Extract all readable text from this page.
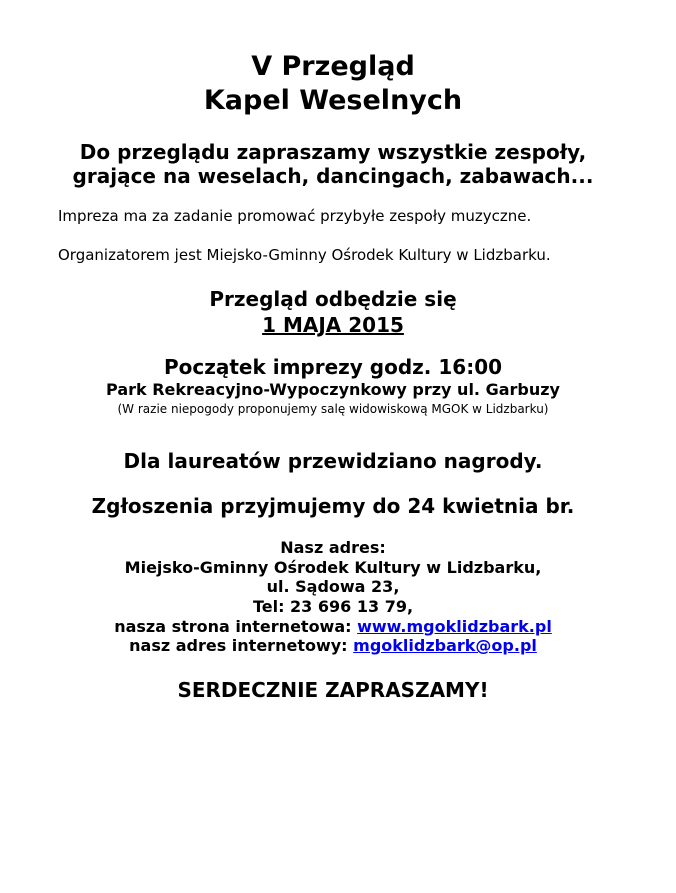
V Przegląd
Kapel Weselnych
Do przeglądu zapraszamy wszystkie zespoły,
grające na weselach, dancingach, zabawach...
Impreza ma za zadanie promować przybyłe zespoły muzyczne.
Organizatorem jest Miejsko-Gminny Ośrodek Kultury w Lidzbarku.
Przegląd odbędzie się
1 MAJA 2015
Początek imprezy godz. 16:00
Park Rekreacyjno-Wypoczynkowy przy ul. Garbuzy
(W razie niepogody proponujemy salę widowiskową MGOK w Lidzbarku)
Dla laureatów przewidziano nagrody.
Zgłoszenia przyjmujemy do 24 kwietnia br.
Nasz adres:
Miejsko-Gminny Ośrodek Kultury w Lidzbarku,
ul. Sądowa 23,
Tel: 23 696 13 79,
nasza strona internetowa: www.mgoklidzbark.pl
nasz adres internetowy: mgoklidzbark@op.pl
SERDECZNIE ZAPRASZAMY!
